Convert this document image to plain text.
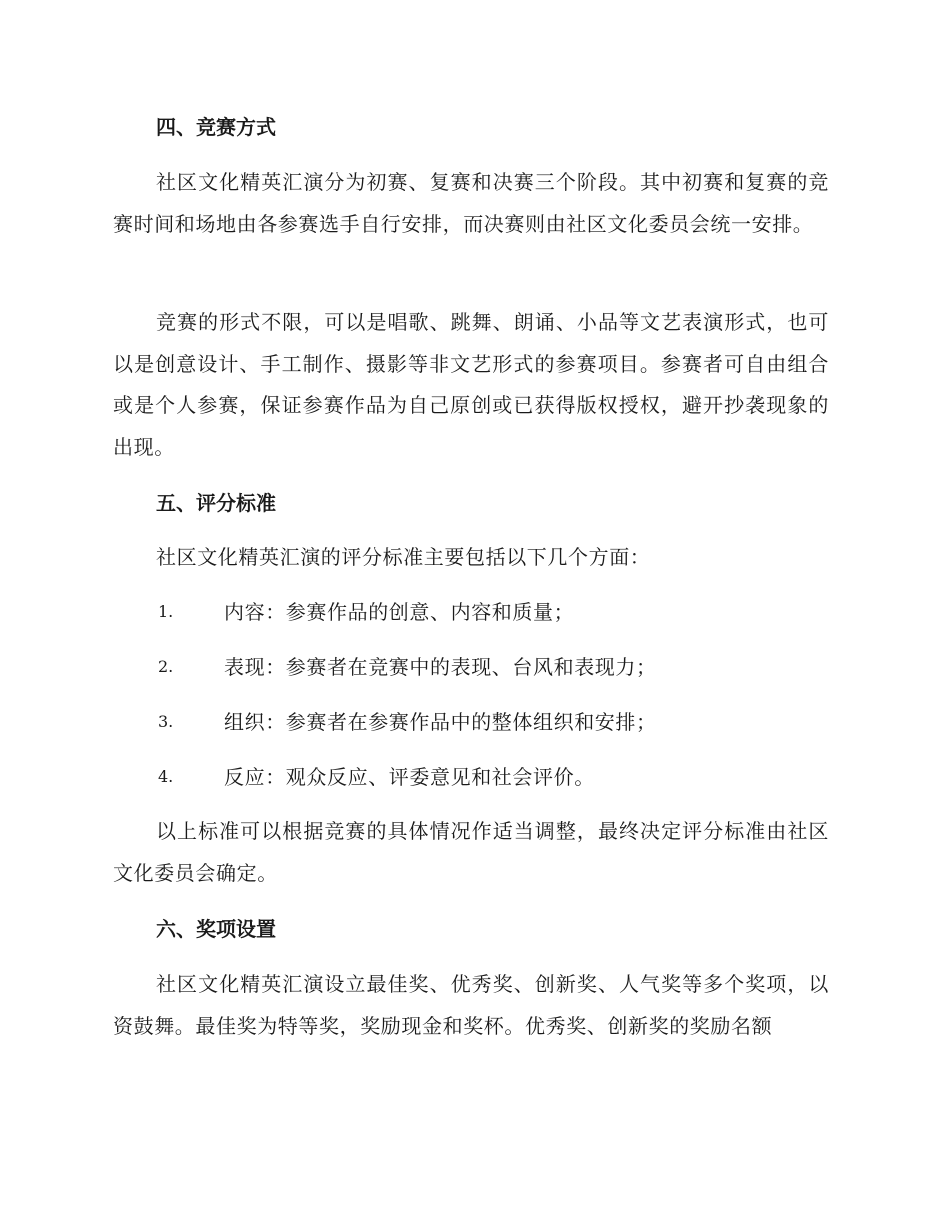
四、竞赛方式
社区文化精英汇演分为初赛、复赛和决赛三个阶段。其中初赛和复赛的竞赛时间和场地由各参赛选手自行安排，而决赛则由社区文化委员会统一安排。
竞赛的形式不限，可以是唱歌、跳舞、朗诵、小品等文艺表演形式，也可以是创意设计、手工制作、摄影等非文艺形式的参赛项目。参赛者可自由组合或是个人参赛，保证参赛作品为自己原创或已获得版权授权，避开抄袭现象的出现。
五、评分标准
社区文化精英汇演的评分标准主要包括以下几个方面：
1.	内容：参赛作品的创意、内容和质量；
2.	表现：参赛者在竞赛中的表现、台风和表现力；
3.	组织：参赛者在参赛作品中的整体组织和安排；
4.	反应：观众反应、评委意见和社会评价。
以上标准可以根据竞赛的具体情况作适当调整，最终决定评分标准由社区文化委员会确定。
六、奖项设置
社区文化精英汇演设立最佳奖、优秀奖、创新奖、人气奖等多个奖项，以资鼓舞。最佳奖为特等奖，奖励现金和奖杯。优秀奖、创新奖的奖励名额
